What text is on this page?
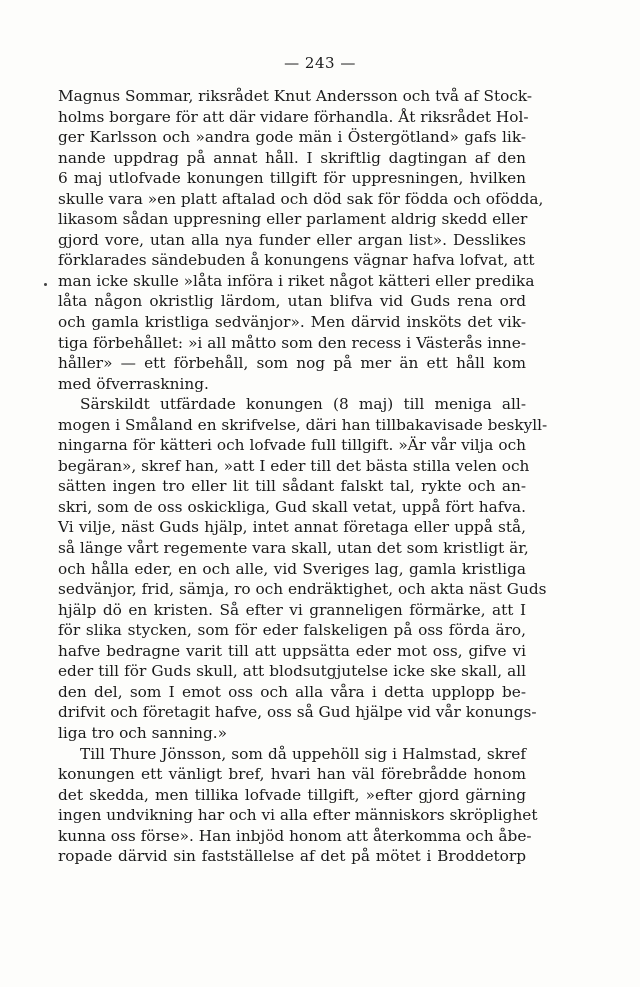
— 243 —
Magnus Sommar, riksrådet Knut Andersson och två af Stock-
holms borgare för att där vidare förhandla. Åt riksrådet Hol-
ger Karlsson och »andra gode män i Östergötland» gafs lik-
nande uppdrag på annat håll. I skriftlig dagtingan af den
6 maj utlofvade konungen tillgift för uppresningen, hvilken
skulle vara »en platt aftalad och död sak för födda och ofödda,
likasom sådan uppresning eller parlament aldrig skedd eller
gjord vore, utan alla nya funder eller argan list». Desslikes
förklarades sändebuden å konungens vägnar hafva lofvat, att
man icke skulle »låta införa i riket något kätteri eller predika
låta någon okristlig lärdom, utan blifva vid Guds rena ord
och gamla kristliga sedvänjor». Men därvid insköts det vik-
tiga förbehållet: »i all måtto som den recess i Västerås inne-
håller» — ett förbehåll, som nog på mer än ett håll kom
med öfverraskning.
Särskildt utfärdade konungen (8 maj) till meniga all-
mogen i Småland en skrifvelse, däri han tillbakavisade beskyll-
ningarna för kätteri och lofvade full tillgift. »Är vår vilja och
begäran», skref han, »att I eder till det bästa stilla velen och
sätten ingen tro eller lit till sådant falskt tal, rykte och an-
skri, som de oss oskickliga, Gud skall vetat, uppå fört hafva.
Vi vilje, näst Guds hjälp, intet annat företaga eller uppå stå,
så länge vårt regemente vara skall, utan det som kristligt är,
och hålla eder, en och alle, vid Sveriges lag, gamla kristliga
sedvänjor, frid, sämja, ro och endräktighet, och akta näst Guds
hjälp dö en kristen. Så efter vi granneligen förmärke, att I
för slika stycken, som för eder falskeligen på oss förda äro,
hafve bedragne varit till att uppsätta eder mot oss, gifve vi
eder till för Guds skull, att blodsutgjutelse icke ske skall, all
den del, som I emot oss och alla våra i detta upplopp be-
drifvit och företagit hafve, oss så Gud hjälpe vid vår konungs-
liga tro och sanning.»
Till Thure Jönsson, som då uppehöll sig i Halmstad, skref
konungen ett vänligt bref, hvari han väl förebrådde honom
det skedda, men tillika lofvade tillgift, »efter gjord gärning
ingen undvikning har och vi alla efter människors skröplighet
kunna oss förse». Han inbjöd honom att återkomma och åbe-
ropade därvid sin fastställelse af det på mötet i Broddetorp
